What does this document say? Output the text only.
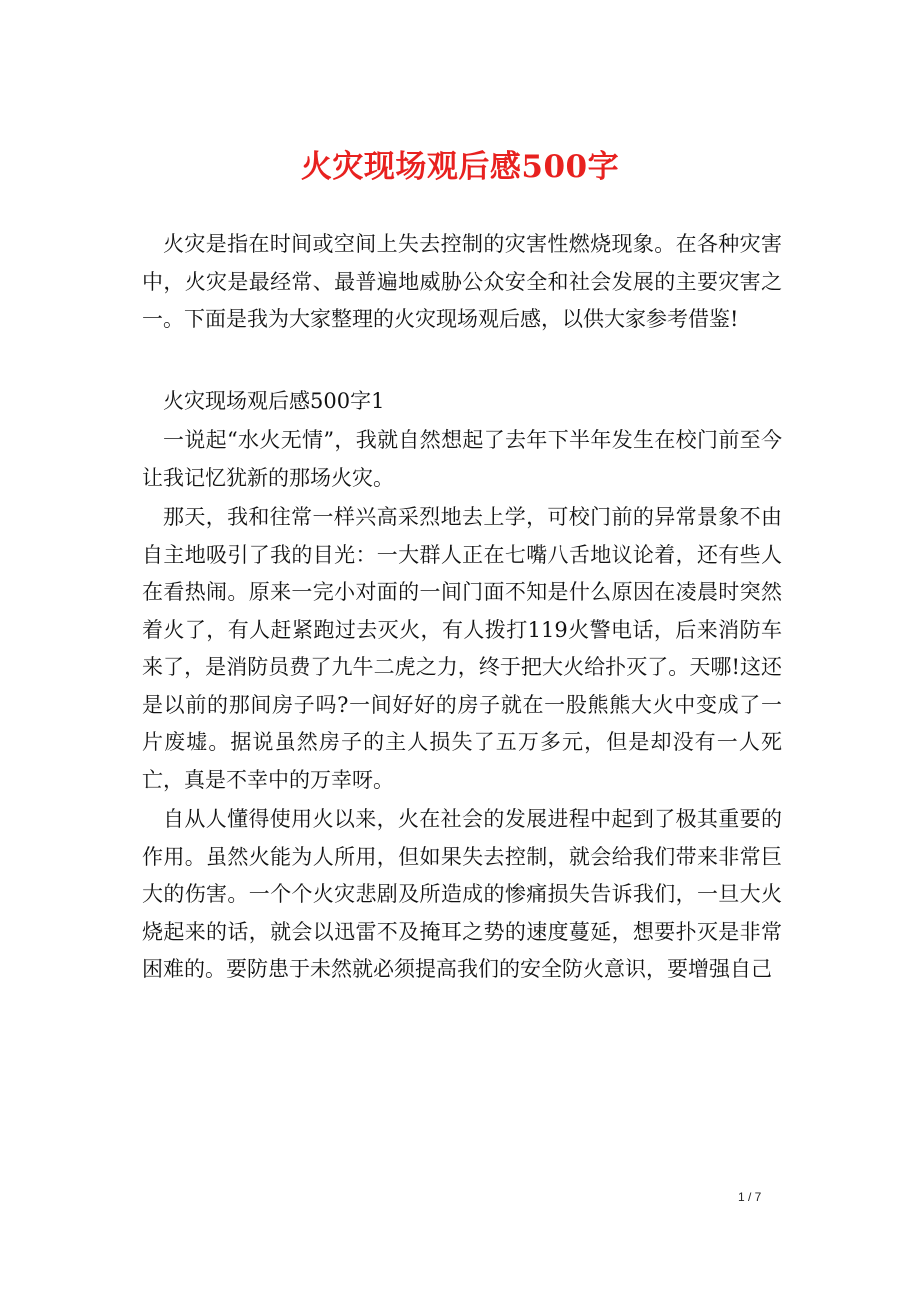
火灾现场观后感500字

火灾是指在时间或空间上失去控制的灾害性燃烧现象。在各种灾害中，火灾是最经常、最普遍地威胁公众安全和社会发展的主要灾害之一。下面是我为大家整理的火灾现场观后感，以供大家参考借鉴!

火灾现场观后感500字1

一说起“水火无情”，我就自然想起了去年下半年发生在校门前至今让我记忆犹新的那场火灾。

那天，我和往常一样兴高采烈地去上学，可校门前的异常景象不由自主地吸引了我的目光：一大群人正在七嘴八舌地议论着，还有些人在看热闹。原来一完小对面的一间门面不知是什么原因在凌晨时突然着火了，有人赶紧跑过去灭火，有人拨打119火警电话，后来消防车来了，是消防员费了九牛二虎之力，终于把大火给扑灭了。天哪!这还是以前的那间房子吗?一间好好的房子就在一股熊熊大火中变成了一片废墟。据说虽然房子的主人损失了五万多元，但是却没有一人死亡，真是不幸中的万幸呀。

自从人懂得使用火以来，火在社会的发展进程中起到了极其重要的作用。虽然火能为人所用，但如果失去控制，就会给我们带来非常巨大的伤害。一个个火灾悲剧及所造成的惨痛损失告诉我们，一旦大火烧起来的话，就会以迅雷不及掩耳之势的速度蔓延，想要扑灭是非常困难的。要防患于未然就必须提高我们的安全防火意识，要增强自己

1 / 7
